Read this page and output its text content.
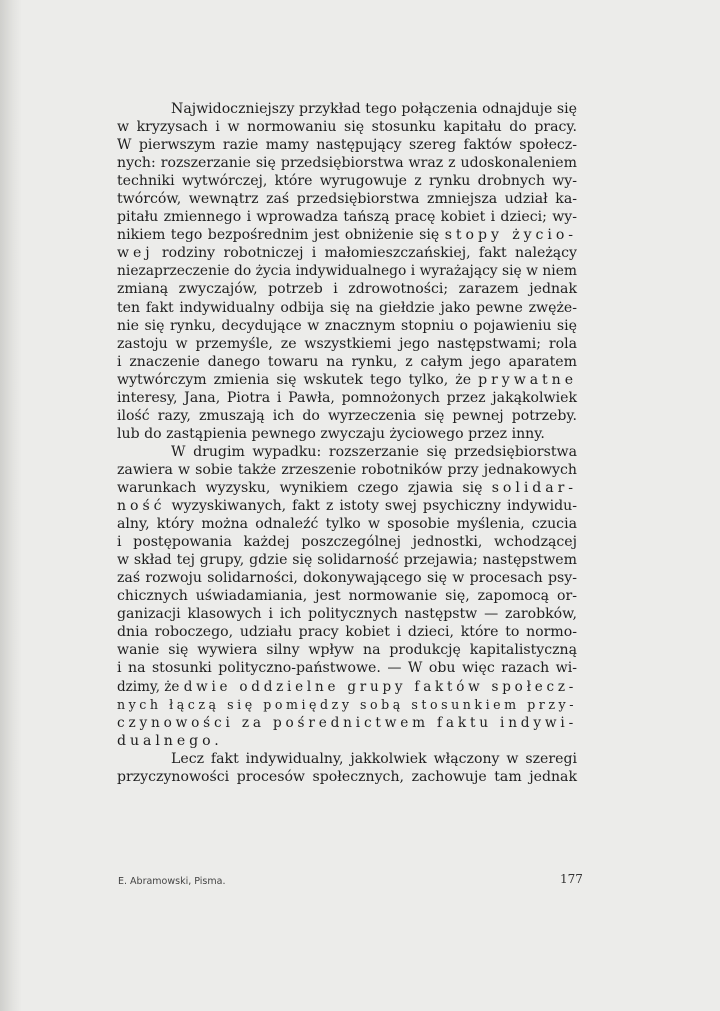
Najwidoczniejszy przykład tego połączenia odnajduje się
w kryzysach i w normowaniu się stosunku kapitału do pracy.
W pierwszym razie mamy następujący szereg faktów społecz-
nych: rozszerzanie się przedsiębiorstwa wraz z udoskonaleniem
techniki wytwórczej, które wyrugowuje z rynku drobnych wy-
twórców, wewnątrz zaś przedsiębiorstwa zmniejsza udział ka-
pitału zmiennego i wprowadza tańszą pracę kobiet i dzieci; wy-
nikiem tego bezpośrednim jest obniżenie się stopy życio-
wej rodziny robotniczej i małomieszczańskiej, fakt należący
niezaprzeczenie do życia indywidualnego i wyrażający się w niem
zmianą zwyczajów, potrzeb i zdrowotności; zarazem jednak
ten fakt indywidualny odbija się na giełdzie jako pewne zwęże-
nie się rynku, decydujące w znacznym stopniu o pojawieniu się
zastoju w przemyśle, ze wszystkiemi jego następstwami; rola
i znaczenie danego towaru na rynku, z całym jego aparatem
wytwórczym zmienia się wskutek tego tylko, że prywatne
interesy, Jana, Piotra i Pawła, pomnożonych przez jakąkolwiek
ilość razy, zmuszają ich do wyrzeczenia się pewnej potrzeby.
lub do zastąpienia pewnego zwyczaju życiowego przez inny.
W drugim wypadku: rozszerzanie się przedsiębiorstwa
zawiera w sobie także zrzeszenie robotników przy jednakowych
warunkach wyzysku, wynikiem czego zjawia się solidar-
ność wyzyskiwanych, fakt z istoty swej psychiczny indywidu-
alny, który można odnaleźć tylko w sposobie myślenia, czucia
i postępowania każdej poszczególnej jednostki, wchodzącej
w skład tej grupy, gdzie się solidarność przejawia; następstwem
zaś rozwoju solidarności, dokonywającego się w procesach psy-
chicznych uświadamiania, jest normowanie się, zapomocą or-
ganizacji klasowych i ich politycznych następstw — zarobków,
dnia roboczego, udziału pracy kobiet i dzieci, które to normo-
wanie się wywiera silny wpływ na produkcję kapitalistyczną
i na stosunki polityczno-państwowe. — W obu więc razach wi-
dzimy, że dwie oddzielne grupy faktów społecz-
nych łączą się pomiędzy sobą stosunkiem przy-
czynowości za pośrednictwem faktu indywi-
dualnego.
Lecz fakt indywidualny, jakkolwiek włączony w szeregi
przyczynowości procesów społecznych, zachowuje tam jednak
E. Abramowski, Pisma.	177
